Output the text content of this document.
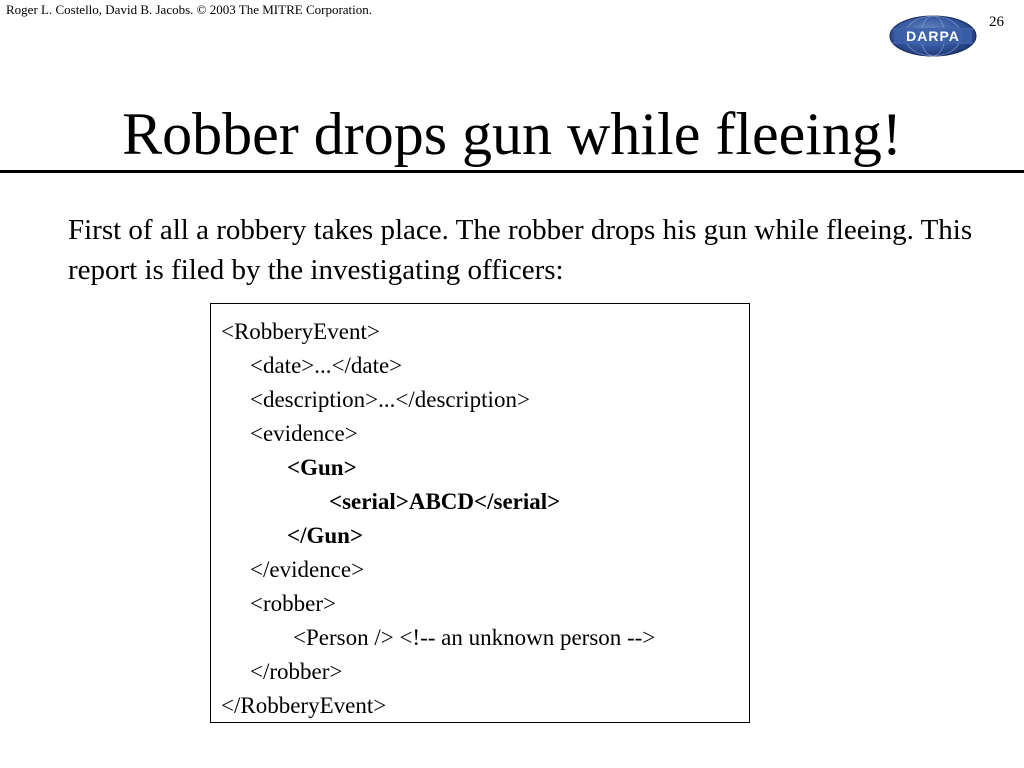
Roger L. Costello, David B. Jacobs. © 2003 The MITRE Corporation.
DARPA
26
Robber drops gun while fleeing!

First of all a robbery takes place. The robber drops his gun while fleeing. This report is filed by the investigating officers:

<RobberyEvent>
<date>...</date>
<description>...</description>
<evidence>
<Gun>
<serial>ABCD</serial>
</Gun>
</evidence>
<robber>
<Person /> <!-- an unknown person -->
</robber>
</RobberyEvent>
